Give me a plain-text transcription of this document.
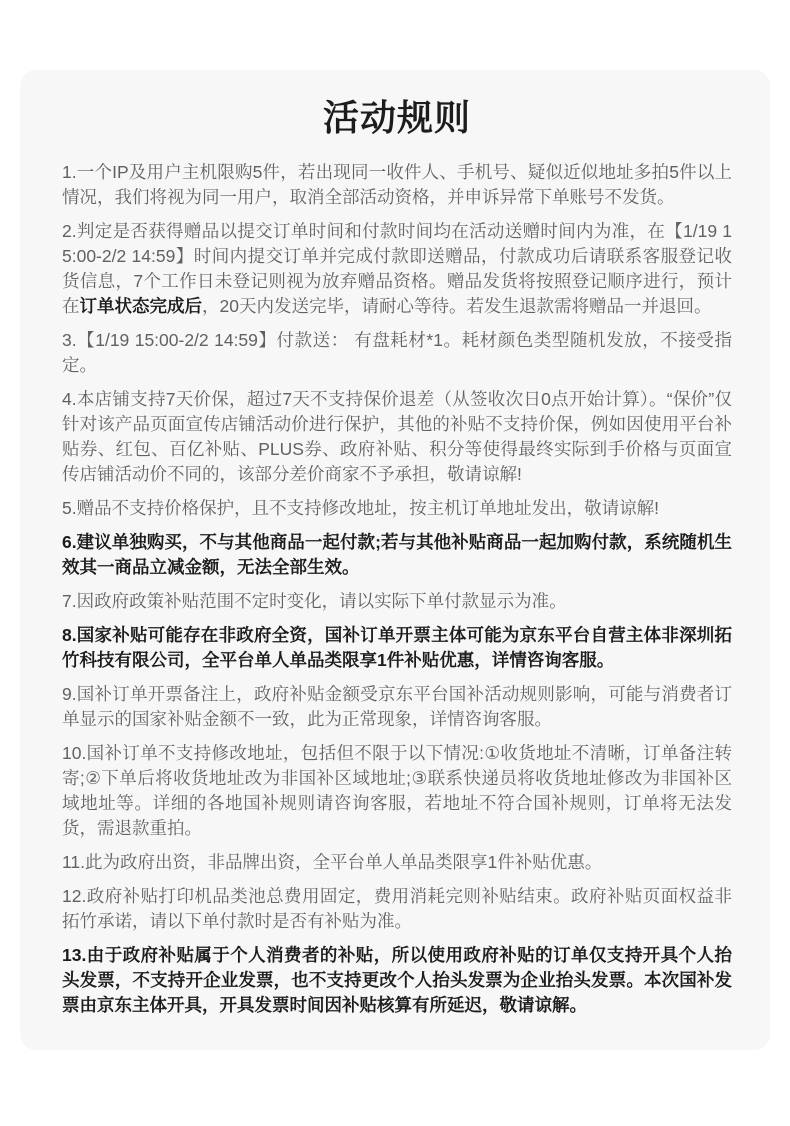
活动规则

1.一个IP及用户主机限购5件，若出现同一收件人、手机号、疑似近似地址多拍5件以上情况，我们将视为同一用户，取消全部活动资格，并申诉异常下单账号不发货。

2.判定是否获得赠品以提交订单时间和付款时间均在活动送赠时间内为准，在【1/19 15:00-2/2 14:59】时间内提交订单并完成付款即送赠品，付款成功后请联系客服登记收货信息，7个工作日未登记则视为放弃赠品资格。赠品发货将按照登记顺序进行，预计在订单状态完成后，20天内发送完毕，请耐心等待。若发生退款需将赠品一并退回。

3.【1/19 15:00-2/2 14:59】付款送： 有盘耗材*1。耗材颜色类型随机发放，不接受指定。

4.本店铺支持7天价保，超过7天不支持保价退差（从签收次日0点开始计算）。“保价”仅针对该产品页面宣传店铺活动价进行保护，其他的补贴不支持价保，例如因使用平台补贴券、红包、百亿补贴、PLUS券、政府补贴、积分等使得最终实际到手价格与页面宣传店铺活动价不同的，该部分差价商家不予承担，敬请谅解!

5.赠品不支持价格保护，且不支持修改地址，按主机订单地址发出，敬请谅解!

6.建议单独购买，不与其他商品一起付款;若与其他补贴商品一起加购付款，系统随机生效其一商品立减金额，无法全部生效。

7.因政府政策补贴范围不定时变化，请以实际下单付款显示为准。

8.国家补贴可能存在非政府全资，国补订单开票主体可能为京东平台自营主体非深圳拓竹科技有限公司，全平台单人单品类限享1件补贴优惠，详情咨询客服。

9.国补订单开票备注上，政府补贴金额受京东平台国补活动规则影响，可能与消费者订单显示的国家补贴金额不一致，此为正常现象，详情咨询客服。

10.国补订单不支持修改地址，包括但不限于以下情况:①收货地址不清晰，订单备注转寄;②下单后将收货地址改为非国补区域地址;③联系快递员将收货地址修改为非国补区域地址等。详细的各地国补规则请咨询客服，若地址不符合国补规则，订单将无法发货，需退款重拍。

11.此为政府出资，非品牌出资，全平台单人单品类限享1件补贴优惠。

12.政府补贴打印机品类池总费用固定，费用消耗完则补贴结束。政府补贴页面权益非拓竹承诺，请以下单付款时是否有补贴为准。

13.由于政府补贴属于个人消费者的补贴，所以使用政府补贴的订单仅支持开具个人抬头发票，不支持开企业发票，也不支持更改个人抬头发票为企业抬头发票。本次国补发票由京东主体开具，开具发票时间因补贴核算有所延迟，敬请谅解。
